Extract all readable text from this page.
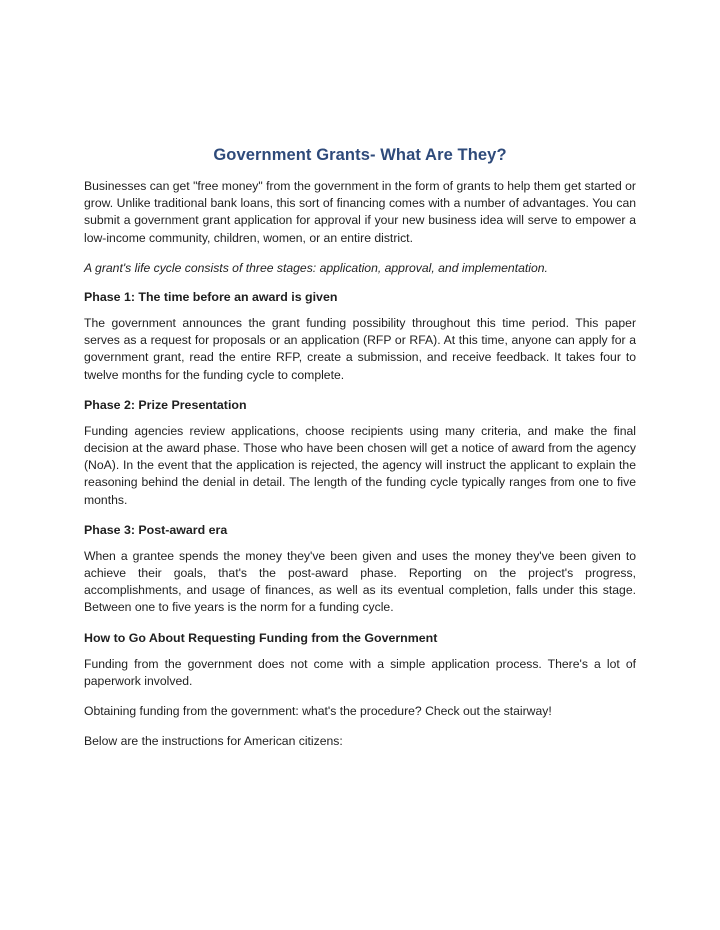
Government Grants- What Are They?

Businesses can get "free money" from the government in the form of grants to help them get started or grow. Unlike traditional bank loans, this sort of financing comes with a number of advantages. You can submit a government grant application for approval if your new business idea will serve to empower a low-income community, children, women, or an entire district.

A grant's life cycle consists of three stages: application, approval, and implementation.

Phase 1: The time before an award is given

The government announces the grant funding possibility throughout this time period. This paper serves as a request for proposals or an application (RFP or RFA). At this time, anyone can apply for a government grant, read the entire RFP, create a submission, and receive feedback. It takes four to twelve months for the funding cycle to complete.

Phase 2: Prize Presentation

Funding agencies review applications, choose recipients using many criteria, and make the final decision at the award phase. Those who have been chosen will get a notice of award from the agency (NoA). In the event that the application is rejected, the agency will instruct the applicant to explain the reasoning behind the denial in detail. The length of the funding cycle typically ranges from one to five months.

Phase 3: Post-award era

When a grantee spends the money they've been given and uses the money they've been given to achieve their goals, that's the post-award phase. Reporting on the project's progress, accomplishments, and usage of finances, as well as its eventual completion, falls under this stage. Between one to five years is the norm for a funding cycle.

How to Go About Requesting Funding from the Government

Funding from the government does not come with a simple application process. There's a lot of paperwork involved.

Obtaining funding from the government: what's the procedure? Check out the stairway!

Below are the instructions for American citizens:
